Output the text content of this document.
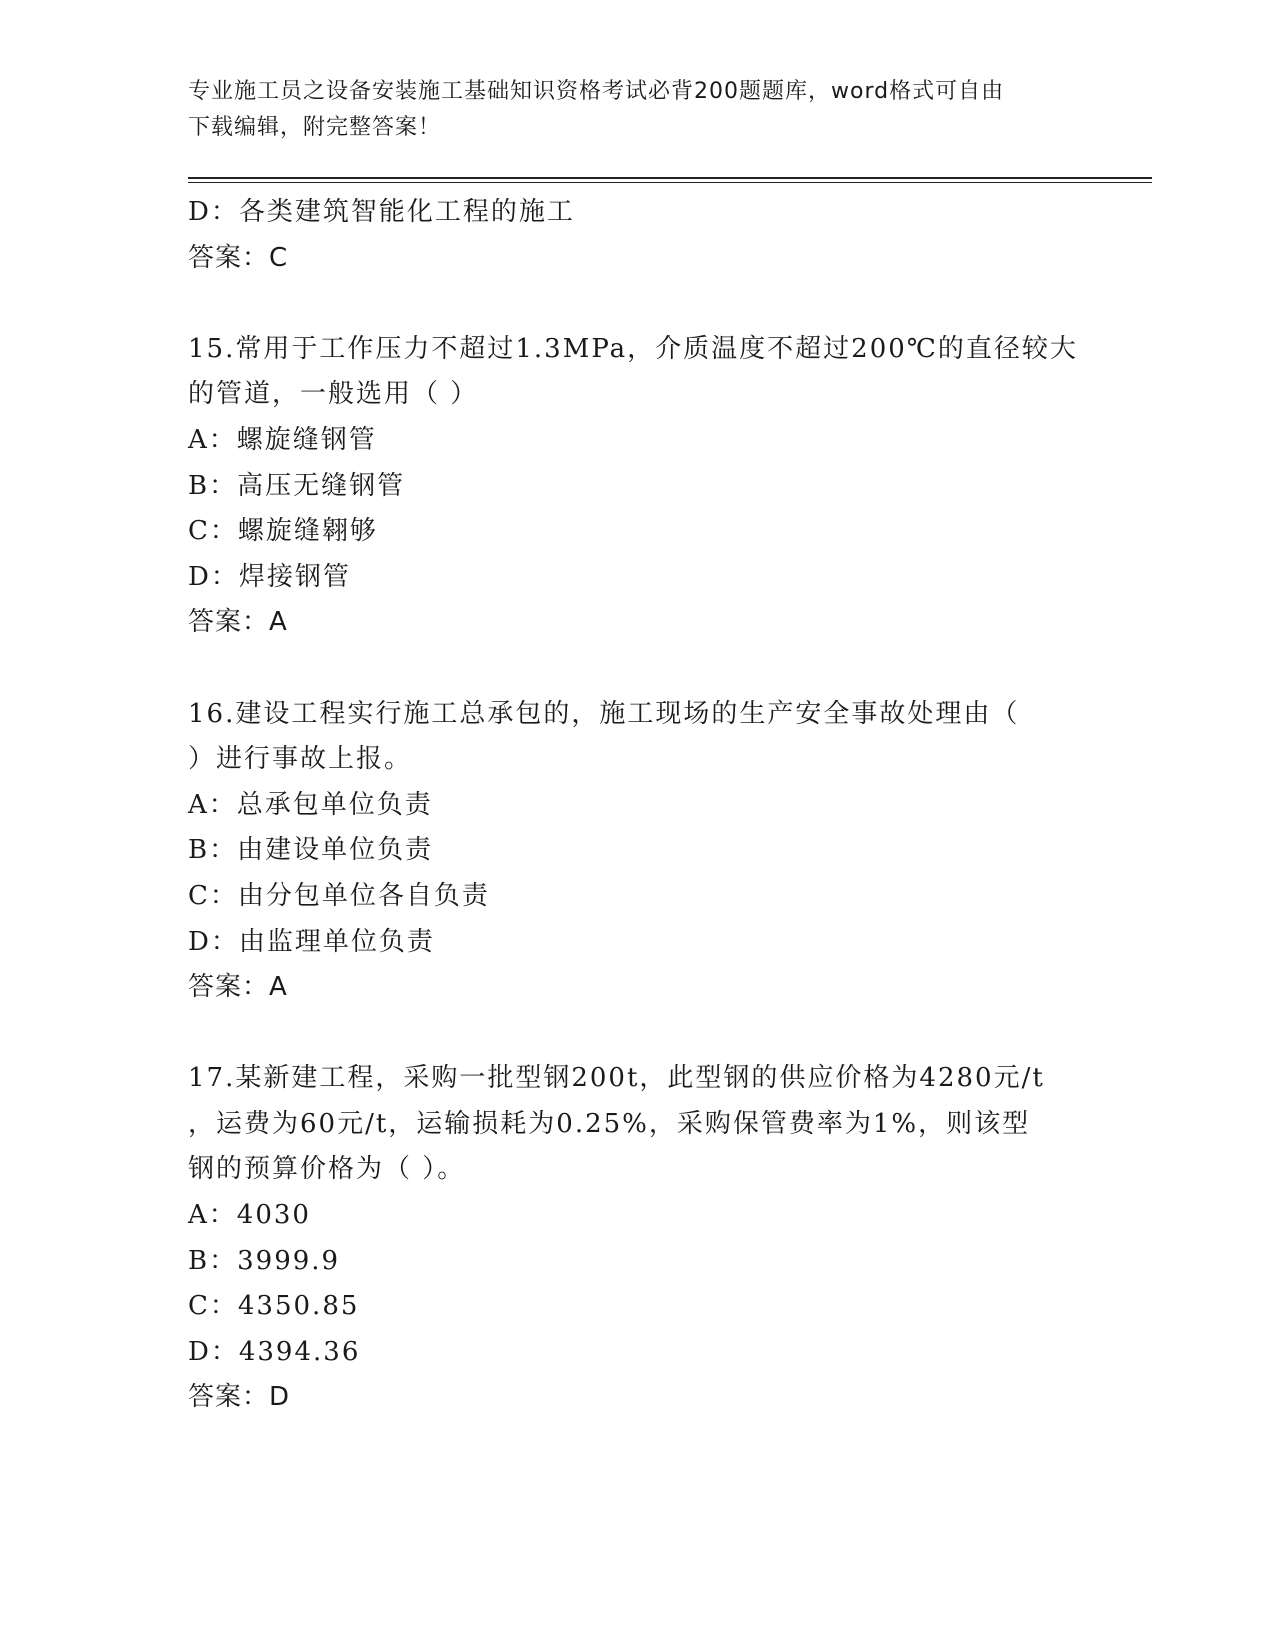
专业施工员之设备安装施工基础知识资格考试必背200题题库，word格式可自由
下载编辑，附完整答案！
D：各类建筑智能化工程的施工
答案：C
15.常用于工作压力不超过1.3MPa，介质温度不超过200℃的直径较大
的管道，一般选用（ ）
A：螺旋缝钢管
B：高压无缝钢管
C：螺旋缝翱够
D：焊接钢管
答案：A
16.建设工程实行施工总承包的，施工现场的生产安全事故处理由（
）进行事故上报。
A：总承包单位负责
B：由建设单位负责
C：由分包单位各自负责
D：由监理单位负责
答案：A
17.某新建工程，采购一批型钢200t，此型钢的供应价格为4280元/t
，运费为60元/t，运输损耗为0.25%，采购保管费率为1%，则该型
钢的预算价格为（ ）。
A：4030
B：3999.9
C：4350.85
D：4394.36
答案：D
